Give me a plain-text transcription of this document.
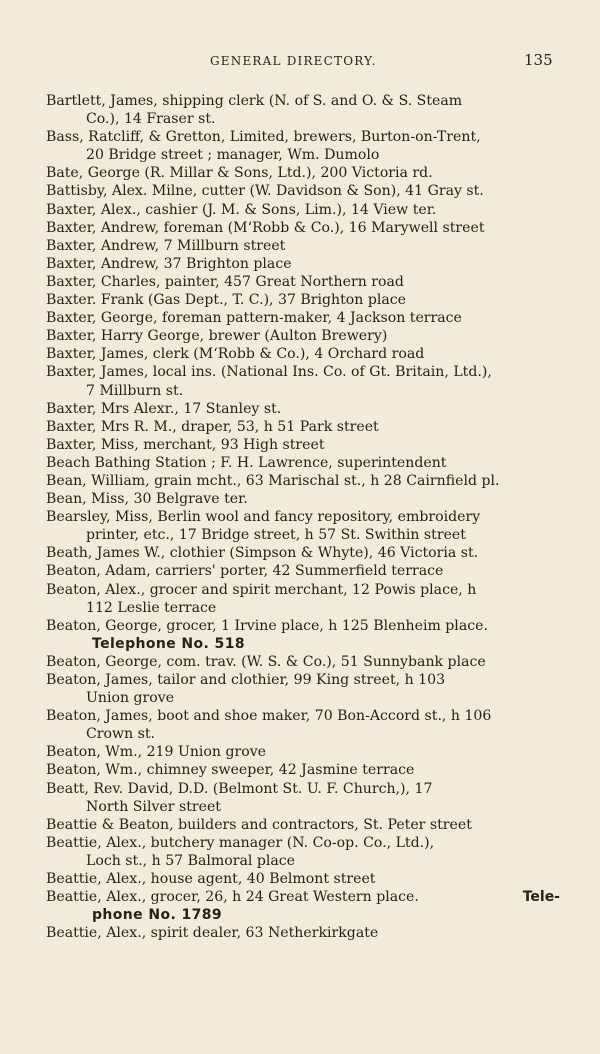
GENERAL DIRECTORY.	135
Bartlett, James, shipping clerk (N. of S. and O. & S. Steam
Co.), 14 Fraser st.
Bass, Ratcliff, & Gretton, Limited, brewers, Burton-on-Trent,
20 Bridge street ; manager, Wm. Dumolo
Bate, George (R. Millar & Sons, Ltd.), 200 Victoria rd.
Battisby, Alex. Milne, cutter (W. Davidson & Son), 41 Gray st.
Baxter, Alex., cashier (J. M. & Sons, Lim.), 14 View ter.
Baxter, Andrew, foreman (M‘Robb & Co.), 16 Marywell street
Baxter, Andrew, 7 Millburn street
Baxter, Andrew, 37 Brighton place
Baxter, Charles, painter, 457 Great Northern road
Baxter. Frank (Gas Dept., T. C.), 37 Brighton place
Baxter, George, foreman pattern-maker, 4 Jackson terrace
Baxter, Harry George, brewer (Aulton Brewery)
Baxter, James, clerk (M‘Robb & Co.), 4 Orchard road
Baxter, James, local ins. (National Ins. Co. of Gt. Britain, Ltd.),
7 Millburn st.
Baxter, Mrs Alexr., 17 Stanley st.
Baxter, Mrs R. M., draper, 53, h 51 Park street
Baxter, Miss, merchant, 93 High street
Beach Bathing Station ; F. H. Lawrence, superintendent
Bean, William, grain mcht., 63 Marischal st., h 28 Cairnfield pl.
Bean, Miss, 30 Belgrave ter.
Bearsley, Miss, Berlin wool and fancy repository, embroidery
printer, etc., 17 Bridge street, h 57 St. Swithin street
Beath, James W., clothier (Simpson & Whyte), 46 Victoria st.
Beaton, Adam, carriers' porter, 42 Summerfield terrace
Beaton, Alex., grocer and spirit merchant, 12 Powis place, h
112 Leslie terrace
Beaton, George, grocer, 1 Irvine place, h 125 Blenheim place.
Telephone No. 518
Beaton, George, com. trav. (W. S. & Co.), 51 Sunnybank place
Beaton, James, tailor and clothier, 99 King street, h 103
Union grove
Beaton, James, boot and shoe maker, 70 Bon-Accord st., h 106
Crown st.
Beaton, Wm., 219 Union grove
Beaton, Wm., chimney sweeper, 42 Jasmine terrace
Beatt, Rev. David, D.D. (Belmont St. U. F. Church,), 17
North Silver street
Beattie & Beaton, builders and contractors, St. Peter street
Beattie, Alex., butchery manager (N. Co-op. Co., Ltd.),
Loch st., h 57 Balmoral place
Beattie, Alex., house agent, 40 Belmont street
Beattie, Alex., grocer, 26, h 24 Great Western place.	Tele-
phone No. 1789
Beattie, Alex., spirit dealer, 63 Netherkirkgate
